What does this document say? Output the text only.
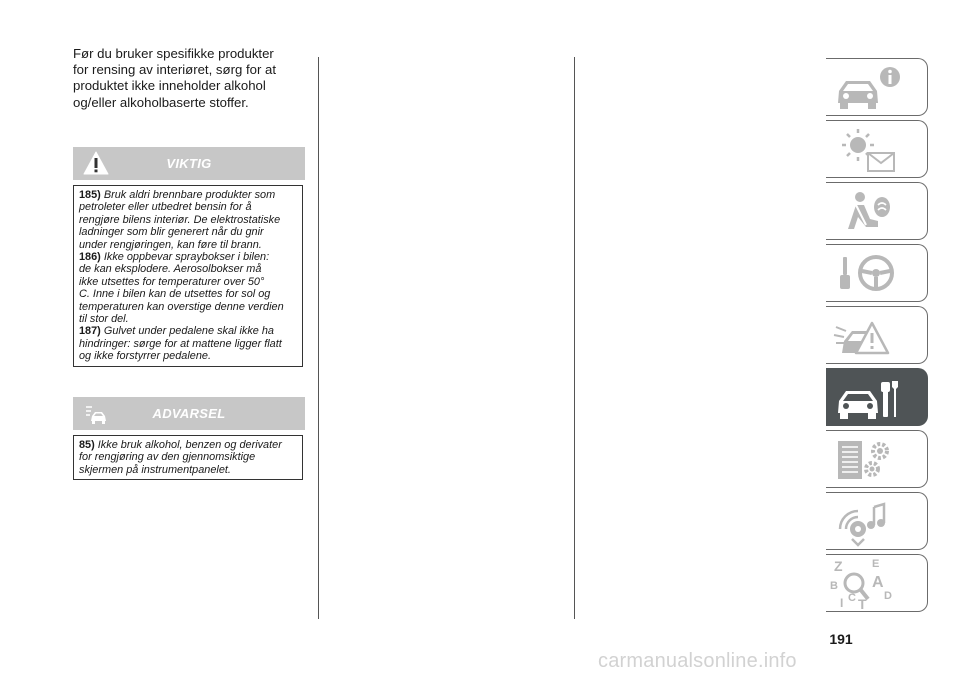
Før du bruker spesifikke produkter
for rensing av interiøret, sørg for at
produktet ikke inneholder alkohol
og/eller alkoholbaserte stoffer.

VIKTIG
185) Bruk aldri brennbare produkter som
petroleter eller utbedret bensin for å
rengjøre bilens interiør. De elektrostatiske
ladninger som blir generert når du gnir
under rengjøringen, kan føre til brann.
186) Ikke oppbevar spraybokser i bilen:
de kan eksplodere. Aerosolbokser må
ikke utsettes for temperaturer over 50°
C. Inne i bilen kan de utsettes for sol og
temperaturen kan overstige denne verdien
til stor del.
187) Gulvet under pedalene skal ikke ha
hindringer: sørge for at mattene ligger flatt
og ikke forstyrrer pedalene.
ADVARSEL
85) Ikke bruk alkohol, benzen og derivater
for rengjøring av den gjennomsiktige
skjermen på instrumentpanelet.
Z	E
A
B
C T D
I
191
carmanualsonline.info
